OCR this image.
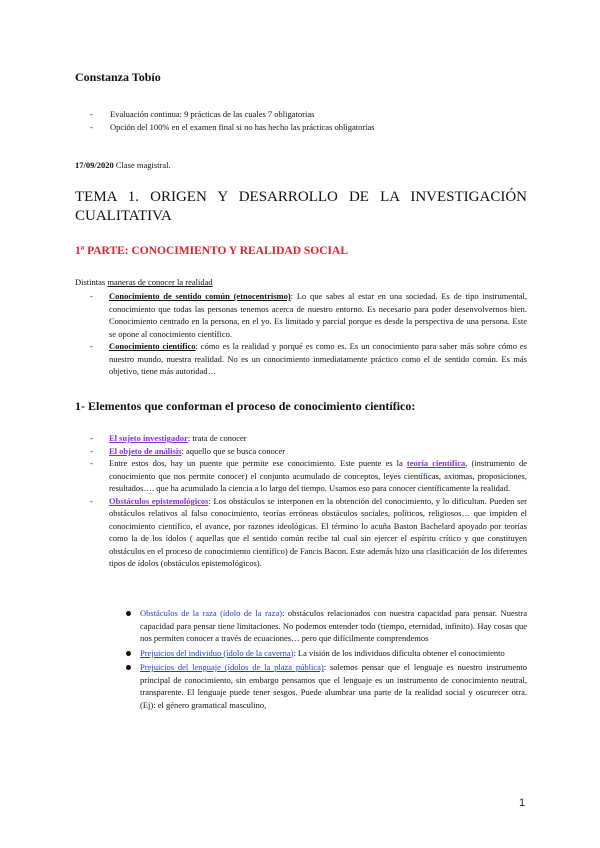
Constanza Tobío
-	Evaluación continua: 9 prácticas de las cuales 7 obligatorias
-	Opción del 100% en el examen final si no has hecho las prácticas obligatorias
17/09/2020 Clase magistral.
TEMA 1. ORIGEN Y DESARROLLO DE LA INVESTIGACIÓN CUALITATIVA
1ª PARTE: CONOCIMIENTO Y REALIDAD SOCIAL
Distintas maneras de conocer la realidad
-	Conocimiento de sentido común (etnocentrismo): Lo que sabes al estar en una sociedad. Es de tipo instrumental, conocimiento que todas las personas tenemos acerca de nuestro entorno. Es necesario para poder desenvolvernos bien. Conocimiento centrado en la persona, en el yo. Es limitado y parcial porque es desde la perspectiva de una persona. Este se opone al conocimiento científico.
-	Conocimiento científico: cómo es la realidad y porqué es como es. Es un conocimiento para saber más sobre cómo es nuestro mundo, nuestra realidad. No es un conocimiento inmediatamente práctico como el de sentido común. Es más objetivo, tiene más autoridad…
1- Elementos que conforman el proceso de conocimiento científico:
-	El sujeto investigador: trata de conocer
-	El objeto de análisis: aquello que se busca conocer
-	Entre estos dos, hay un puente que permite ese conocimiento. Este puente es la teoría científica, (instrumento de conocimiento que nos permite conocer) el conjunto acumulado de conceptos, leyes científicas, axiomas, proposiciones, resultados…. que ha acumulado la ciencia a lo largo del tiempo. Usamos eso para conocer científicamente la realidad.
-	Obstáculos epistemológicos: Los obstáculos se interponen en la obtención del conocimiento, y lo dificultan. Pueden ser obstáculos relativos al falso conocimiento, teorías erróneas obstáculos sociales, políticos, religiosos… que impiden el conocimiento científico, el avance, por razones ideológicas. El término lo acuña Baston Bachelard apoyado por teorías como la de los ídolos ( aquellas que el sentido común recibe tal cual sin ejercer el espíritu crítico y que constituyen obstáculos en el proceso de conocimiento científico) de Fancis Bacon. Este además hizo una clasificación de los diferentes tipos de ídolos (obstáculos epistemológicos).
Obstáculos de la raza (ídolo de la raza): obstáculos relacionados con nuestra capacidad para pensar. Nuestra capacidad para pensar tiene limitaciones. No podemos entender todo (tiempo, eternidad, infinito). Hay cosas que nos permiten conocer a través de ecuaciones… pero que difícilmente comprendemos
Prejuicios del individuo (ídolo de la caverna): La visión de los individuos dificulta obtener el conocimiento
Prejuicios del lenguaje (ídolos de la plaza pública): solemos pensar que el lenguaje es nuestro instrumento principal de conocimiento, sin embargo pensamos que el lenguaje es un instrumento de conocimiento neutral, transparente. El lenguaje puede tener sesgos. Puede alumbrar una parte de la realidad social y oscurecer otra. (Ej): el género gramatical masculino,
1
